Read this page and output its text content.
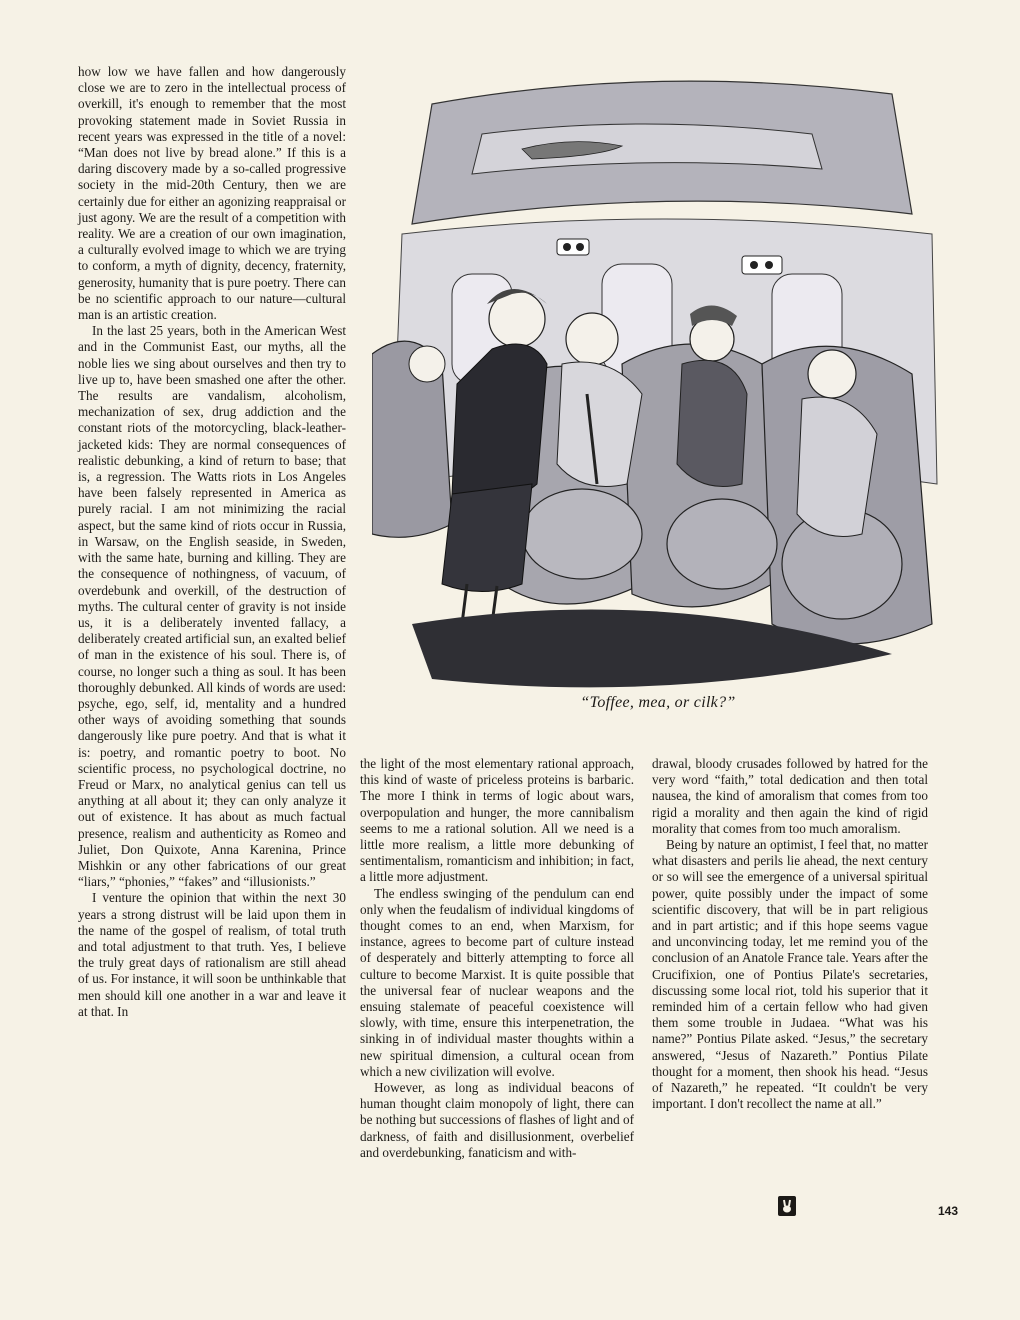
how low we have fallen and how dangerously close we are to zero in the intellectual process of overkill, it's enough to remember that the most provoking statement made in Soviet Russia in recent years was expressed in the title of a novel: “Man does not live by bread alone.” If this is a daring discovery made by a so-called progressive society in the mid-20th Century, then we are certainly due for either an agonizing reappraisal or just agony. We are the result of a competition with reality. We are a creation of our own imagination, a culturally evolved image to which we are trying to conform, a myth of dignity, decency, fraternity, generosity, humanity that is pure poetry. There can be no scientific approach to our nature—cultural man is an artistic creation.

In the last 25 years, both in the American West and in the Communist East, our myths, all the noble lies we sing about ourselves and then try to live up to, have been smashed one after the other. The results are vandalism, alcoholism, mechanization of sex, drug addiction and the constant riots of the motorcycling, black-leather-jacketed kids: They are normal consequences of realistic debunking, a kind of return to base; that is, a regression. The Watts riots in Los Angeles have been falsely represented in America as purely racial. I am not minimizing the racial aspect, but the same kind of riots occur in Russia, in Warsaw, on the English seaside, in Sweden, with the same hate, burning and killing. They are the consequence of nothingness, of vacuum, of overdebunk and overkill, of the destruction of myths. The cultural center of gravity is not inside us, it is a deliberately invented fallacy, a deliberately created artificial sun, an exalted belief of man in the existence of his soul. There is, of course, no longer such a thing as soul. It has been thoroughly debunked. All kinds of words are used: psyche, ego, self, id, mentality and a hundred other ways of avoiding something that sounds dangerously like pure poetry. And that is what it is: poetry, and romantic poetry to boot. No scientific process, no psychological doctrine, no Freud or Marx, no analytical genius can tell us anything at all about it; they can only analyze it out of existence. It has about as much factual presence, realism and authenticity as Romeo and Juliet, Don Quixote, Anna Karenina, Prince Mishkin or any other fabrications of our great “liars,” “phonies,” “fakes” and “illusionists.”

I venture the opinion that within the next 30 years a strong distrust will be laid upon them in the name of the gospel of realism, of total truth and total adjustment to that truth. Yes, I believe the truly great days of rationalism are still ahead of us. For instance, it will soon be unthinkable that men should kill one another in a war and leave it at that. In

“Toffee, mea, or cilk?”

the light of the most elementary rational approach, this kind of waste of priceless proteins is barbaric. The more I think in terms of logic about wars, overpopulation and hunger, the more cannibalism seems to me a rational solution. All we need is a little more realism, a little more debunking of sentimentalism, romanticism and inhibition; in fact, a little more adjustment.

The endless swinging of the pendulum can end only when the feudalism of individual kingdoms of thought comes to an end, when Marxism, for instance, agrees to become part of culture instead of desperately and bitterly attempting to force all culture to become Marxist. It is quite possible that the universal fear of nuclear weapons and the ensuing stalemate of peaceful coexistence will slowly, with time, ensure this interpenetration, the sinking in of individual master thoughts within a new spiritual dimension, a cultural ocean from which a new civilization will evolve.

However, as long as individual beacons of human thought claim monopoly of light, there can be nothing but successions of flashes of light and of darkness, of faith and disillusionment, overbelief and overdebunking, fanaticism and with-

drawal, bloody crusades followed by hatred for the very word “faith,” total dedication and then total nausea, the kind of amoralism that comes from too rigid a morality and then again the kind of rigid morality that comes from too much amoralism.

Being by nature an optimist, I feel that, no matter what disasters and perils lie ahead, the next century or so will see the emergence of a universal spiritual power, quite possibly under the impact of some scientific discovery, that will be in part religious and in part artistic; and if this hope seems vague and unconvincing today, let me remind you of the conclusion of an Anatole France tale. Years after the Crucifixion, one of Pontius Pilate's secretaries, discussing some local riot, told his superior that it reminded him of a certain fellow who had given them some trouble in Judaea. “What was his name?” Pontius Pilate asked. “Jesus,” the secretary answered, “Jesus of Nazareth.” Pontius Pilate thought for a moment, then shook his head. “Jesus of Nazareth,” he repeated. “It couldn't be very important. I don't recollect the name at all.”

143
